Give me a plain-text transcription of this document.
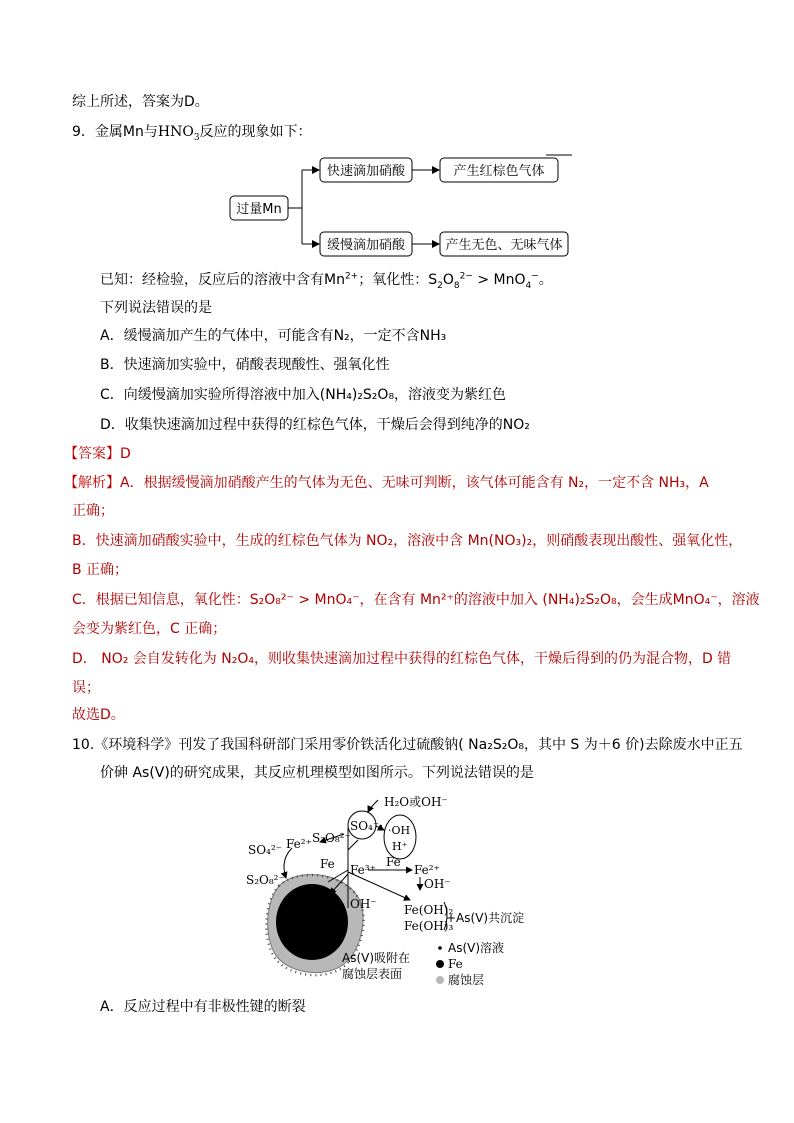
综上所述，答案为D。
9．金属Mn与$HNO_3$反应的现象如下：
过量Mn
快速滴加硝酸	产生红棕色气体
缓慢滴加硝酸	产生无色、无味气体
已知：经检验，反应后的溶液中含有$Mn^{2+}$；氧化性：$S_2O_8^{2-} > MnO_4^-$。
下列说法错误的是
A．缓慢滴加产生的气体中，可能含有N₂，一定不含NH₃
B．快速滴加实验中，硝酸表现酸性、强氧化性
C．向缓慢滴加实验所得溶液中加入(NH₄)₂S₂O₈，溶液变为紫红色
D．收集快速滴加过程中获得的红棕色气体，干燥后会得到纯净的NO₂
【答案】D
【解析】A．根据缓慢滴加硝酸产生的气体为无色、无味可判断，该气体可能含有 N₂，一定不含 NH₃，A
正确；
B．快速滴加硝酸实验中，生成的红棕色气体为 NO₂，溶液中含 Mn(NO₃)₂，则硝酸表现出酸性、强氧化性，
B 正确；
C．根据已知信息，氧化性：S₂O₈²⁻ > MnO₄⁻，在含有 Mn²⁺的溶液中加入 (NH₄)₂S₂O₈，会生成MnO₄⁻，溶液
会变为紫红色，C 正确；
D． NO₂ 会自发转化为 N₂O₄，则收集快速滴加过程中获得的红棕色气体，干燥后得到的仍为混合物，D 错
误；
故选D。
10.《环境科学》刊发了我国科研部门采用零价铁活化过硫酸钠( Na₂S₂O₈，其中 S 为＋6 价)去除废水中正五
价砷 As(V)的研究成果，其反应机理模型如图所示。下列说法错误的是
H₂O或OH⁻
SO₄⁻· ·OH
H⁺
SO₄²⁻
S₂O₈²⁻
Fe²⁺ S₂O₈²⁻
Fe Fe³⁺
Fe
Fe²⁺
OH⁻
OH⁻ Fe(OH)₂
Fe(OH)₃
+As(V)共沉淀
As(V)吸附在
腐蚀层表面
As(V)溶液
Fe
腐蚀层
A．反应过程中有非极性键的断裂
